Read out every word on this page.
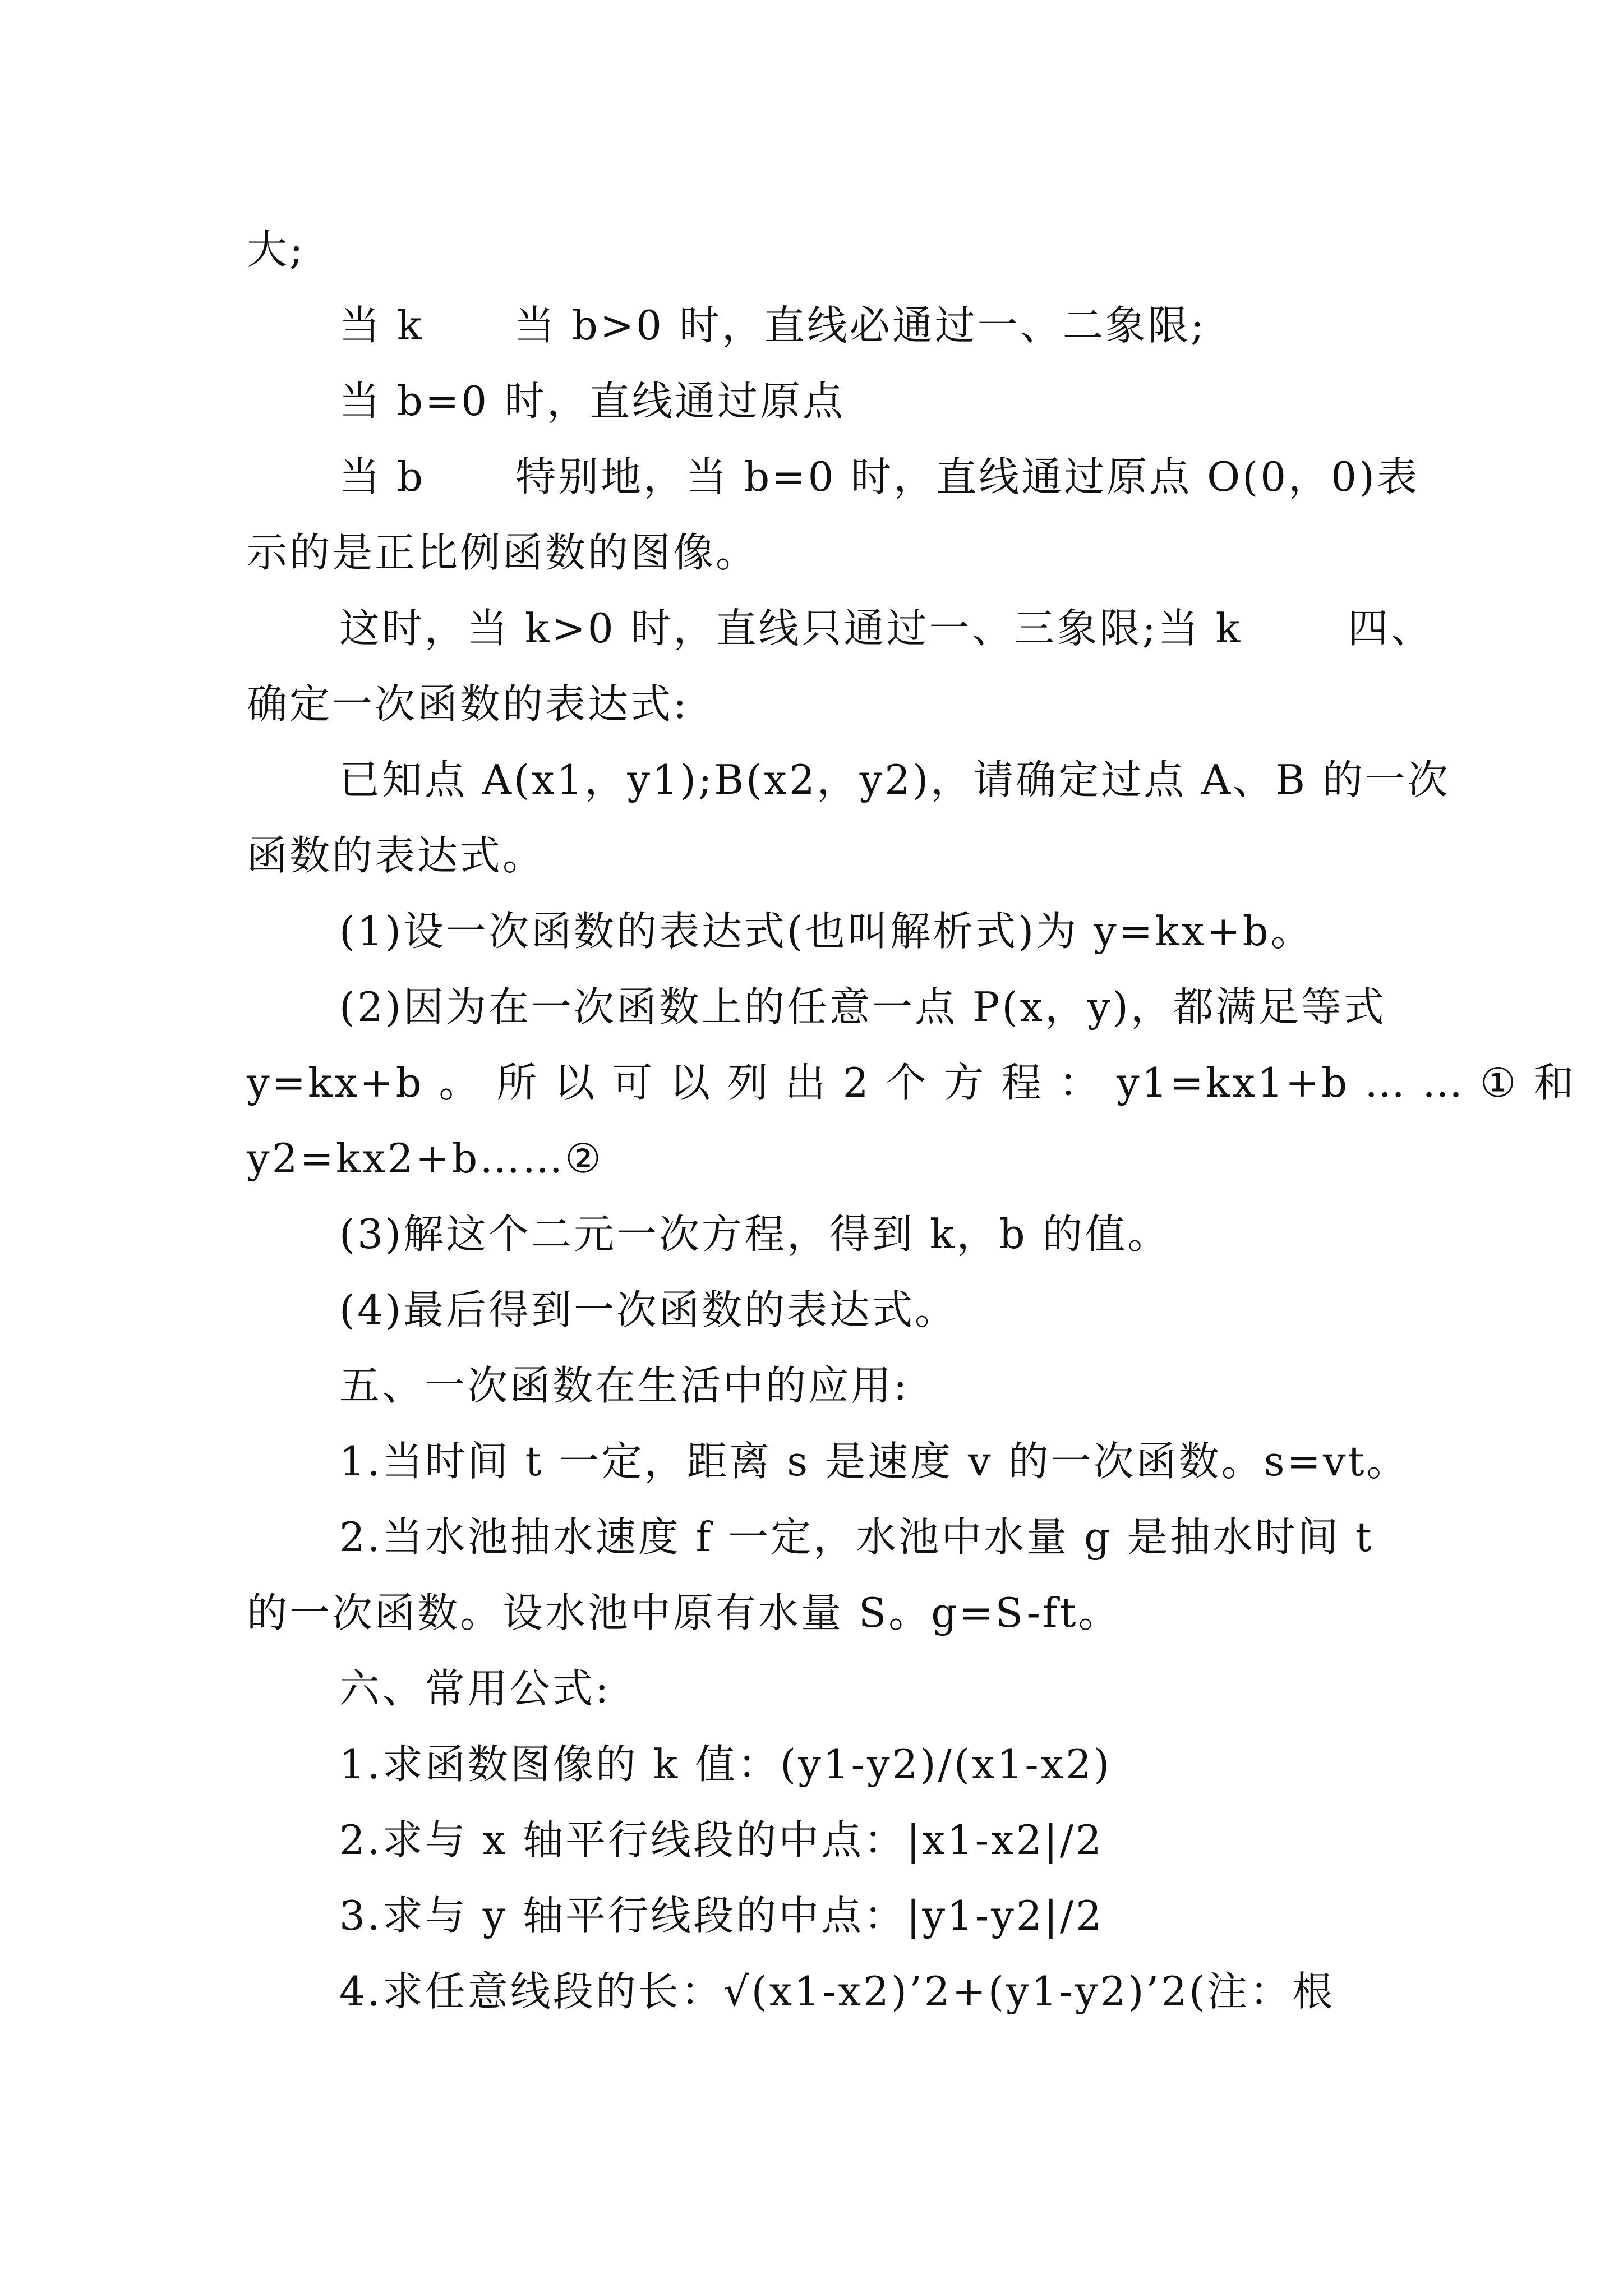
大;
当 k      当 b>0 时，直线必通过一、二象限;
当 b=0 时，直线通过原点
当 b      特别地，当 b=0 时，直线通过原点 O(0，0)表
示的是正比例函数的图像。
这时，当 k>0 时，直线只通过一、三象限;当 k       四、
确定一次函数的表达式:
已知点 A(x1，y1);B(x2，y2)，请确定过点 A、B 的一次
函数的表达式。
(1)设一次函数的表达式(也叫解析式)为 y=kx+b。
(2)因为在一次函数上的任意一点 P(x，y)，都满足等式
y=kx+b 。 所 以 可 以 列 出 2 个 方 程 ： y1=kx1+b … … ① 和
y2=kx2+b……②
(3)解这个二元一次方程，得到 k，b 的值。
(4)最后得到一次函数的表达式。
五、一次函数在生活中的应用:
1.当时间 t 一定，距离 s 是速度 v 的一次函数。s=vt。
2.当水池抽水速度 f 一定，水池中水量 g 是抽水时间 t
的一次函数。设水池中原有水量 S。g=S-ft。
六、常用公式:
1.求函数图像的 k 值：(y1-y2)/(x1-x2)
2.求与 x 轴平行线段的中点：|x1-x2|/2
3.求与 y 轴平行线段的中点：|y1-y2|/2
4.求任意线段的长：√(x1-x2)’2+(y1-y2)’2(注：根
